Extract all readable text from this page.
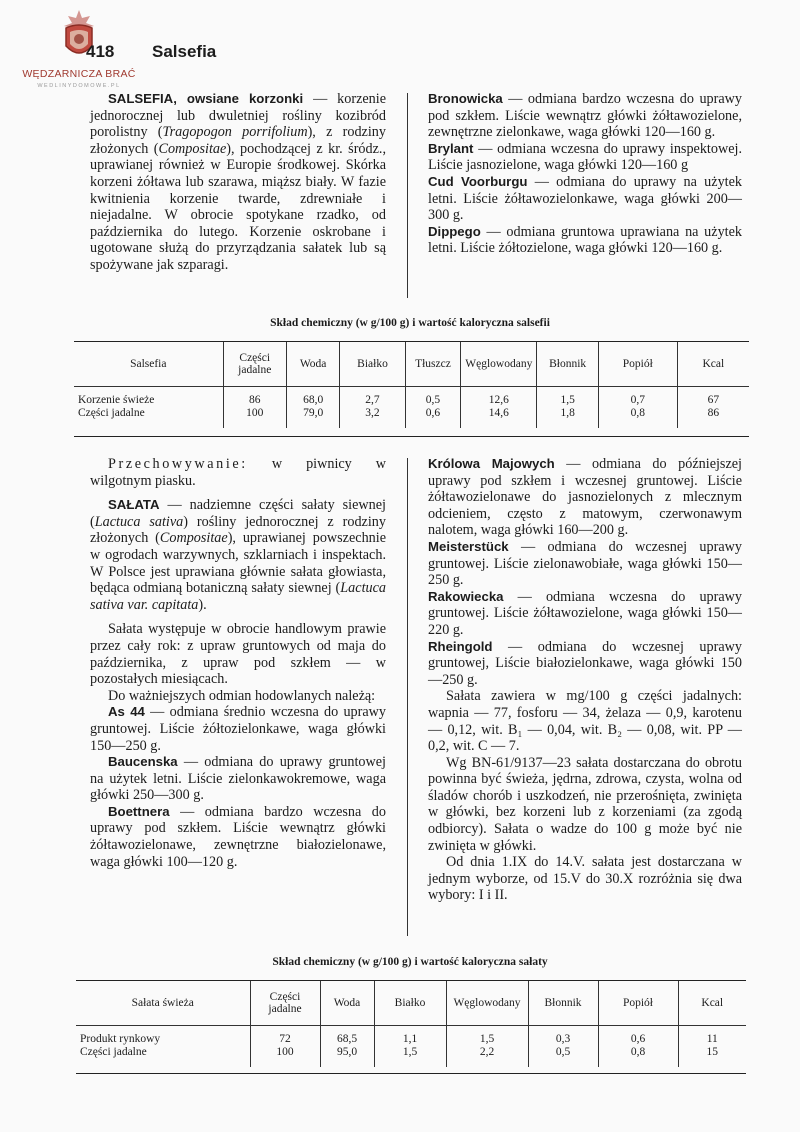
WĘDZARNICZA BRAĆ
WEDLINYDOMOWE.PL
418 Salsefia

SALSEFIA, owsiane korzonki — korzenie jednorocznej lub dwuletniej rośliny kozibród porolistny (Tragopogon porrifolium), z rodziny złożonych (Compositae), pochodzącej z kr. śródz., uprawianej również w Europie środkowej. Skórka korzeni żółtawa lub szarawa, miąższ biały. W fazie kwitnienia korzenie twarde, zdrewniałe i niejadalne. W obrocie spotykane rzadko, od października do lutego. Korzenie oskrobane i ugotowane służą do przyrządzania sałatek lub są spożywane jak szparagi.

Bronowicka — odmiana bardzo wczesna do uprawy pod szkłem. Liście wewnątrz główki żółtawozielone, zewnętrzne zielonkawe, waga główki 120—160 g.

Brylant — odmiana wczesna do uprawy inspektowej. Liście jasnozielone, waga główki 120—160 g

Cud Voorburgu — odmiana do uprawy na użytek letni. Liście żółtawozielonkawe, waga główki 200—300 g.

Dippego — odmiana gruntowa uprawiana na użytek letni. Liście żółtozielone, waga główki 120—160 g.

Skład chemiczny (w g/100 g) i wartość kaloryczna salsefii
Salsefia	Części jadalne	Woda	Białko	Tłuszcz	Węglowodany	Błonnik	Popiół	Kcal

Korzenie świeże	86	68,0	2,7	0,5	12,6	1,5	0,7	67
Części jadalne	100	79,0	3,2	0,6	14,6	1,8	0,8	86

Przechowywanie: w piwnicy w wilgotnym piasku.

SAŁATA — nadziemne części sałaty siewnej (Lactuca sativa) rośliny jednorocznej z rodziny złożonych (Compositae), uprawianej powszechnie w ogrodach warzywnych, szklarniach i inspektach. W Polsce jest uprawiana głównie sałata głowiasta, będąca odmianą botaniczną sałaty siewnej (Lactuca sativa var. capitata).

Sałata występuje w obrocie handlowym prawie przez cały rok: z upraw gruntowych od maja do października, z upraw pod szkłem — w pozostałych miesiącach.

Do ważniejszych odmian hodowlanych należą:

As 44 — odmiana średnio wczesna do uprawy gruntowej. Liście żółtozielonkawe, waga główki 150—250 g.

Baucenska — odmiana do uprawy gruntowej na użytek letni. Liście zielonkawokremowe, waga główki 250—300 g.

Boettnera — odmiana bardzo wczesna do uprawy pod szkłem. Liście wewnątrz główki żółtawozielonawe, zewnętrzne białozielonawe, waga główki 100—120 g.

Królowa Majowych — odmiana do późniejszej uprawy pod szkłem i wczesnej gruntowej. Liście żółtawozielonawe do jasnozielonych z mlecznym odcieniem, często z matowym, czerwonawym nalotem, waga główki 160—200 g.

Meisterstück — odmiana do wczesnej uprawy gruntowej. Liście zielonawobiałe, waga główki 150—250 g.

Rakowiecka — odmiana wczesna do uprawy gruntowej. Liście żółtawozielone, waga główki 150—220 g.

Rheingold — odmiana do wczesnej uprawy gruntowej, Liście białozielonkawe, waga główki 150—250 g.

Sałata zawiera w mg/100 g części jadalnych: wapnia — 77, fosforu — 34, żelaza — 0,9, karotenu — 0,12, wit. B₁ — 0,04, wit. B₂ — 0,08, wit. PP — 0,2, wit. C — 7.

Wg BN-61/9137—23 sałata dostarczana do obrotu powinna być świeża, jędrna, zdrowa, czysta, wolna od śladów chorób i uszkodzeń, nie przerośnięta, zwinięta w główki, bez korzeni lub z korzeniami (za zgodą odbiorcy). Sałata o wadze do 100 g może być nie zwinięta w główki.

Od dnia 1.IX do 14.V. sałata jest dostarczana w jednym wyborze, od 15.V do 30.X rozróżnia się dwa wybory: I i II.

Skład chemiczny (w g/100 g) i wartość kaloryczna sałaty
Sałata świeża	Części jadalne	Woda	Białko	Węglowodany	Błonnik	Popiół	Kcal

Produkt rynkowy	72	68,5	1,1	1,5	0,3	0,6	11
Części jadalne	100	95,0	1,5	2,2	0,5	0,8	15
